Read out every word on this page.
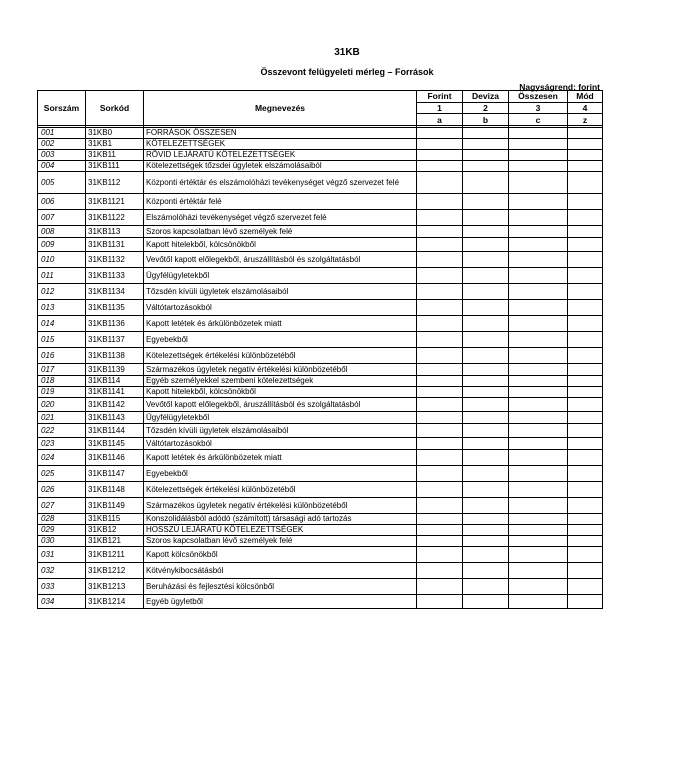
31KB
Összevont felügyeleti mérleg – Források
Nagyságrend: forint
Sorszám	Sorkód	Megnevezés	Forint	Deviza	Összesen	Mód
			1	2	3	4
			a	b	c	z

001	31KB0	FORRÁSOK ÖSSZESEN				
002	31KB1	KÖTELEZETTSÉGEK				
003	31KB11	RÖVID LEJÁRATÚ KÖTELEZETTSÉGEK				
004	31KB111	Kötelezettségek tőzsdei ügyletek elszámolásaiból				
005	31KB112	Központi értéktár és elszámolóházi tevékenységet végző szervezet felé				
006	31KB1121	Központi értéktár felé				
007	31KB1122	Elszámolóházi tevékenységet végző szervezet felé				
008	31KB113	Szoros kapcsolatban lévő személyek felé				
009	31KB1131	Kapott hitelekből, kölcsönökből				
010	31KB1132	Vevőtől kapott előlegekből, áruszállításból és szolgáltatásból				
011	31KB1133	Ügyfélügyletekből				
012	31KB1134	Tőzsdén kívüli ügyletek elszámolásaiból				
013	31KB1135	Váltótartozásokból				
014	31KB1136	Kapott letétek és árkülönbözetek miatt				
015	31KB1137	Egyebekből				
016	31KB1138	Kötelezettségek értékelési különbözetéből				
017	31KB1139	Származékos ügyletek negatív értékelési különbözetéből				
018	31KB114	Egyéb személyekkel szembeni kötelezettségek				
019	31KB1141	Kapott hitelekből, kölcsönökből				
020	31KB1142	Vevőtől kapott előlegekből, áruszállításból és szolgáltatásból				
021	31KB1143	Ügyfélügyletekből				
022	31KB1144	Tőzsdén kívüli ügyletek elszámolásaiból				
023	31KB1145	Váltótartozásokból				
024	31KB1146	Kapott letétek és árkülönbözetek miatt				
025	31KB1147	Egyebekből				
026	31KB1148	Kötelezettségek értékelési különbözetéből				
027	31KB1149	Származékos ügyletek negatív értékelési különbözetéből				
028	31KB115	Konszolidálásból adódó (számított) társasági adó tartozás				
029	31KB12	HOSSZÚ LEJÁRATÚ KÖTELEZETTSÉGEK				
030	31KB121	Szoros kapcsolatban lévő személyek felé				
031	31KB1211	Kapott kölcsönökből				
032	31KB1212	Kötvénykibocsátásból				
033	31KB1213	Beruházási és fejlesztési kölcsönből				
034	31KB1214	Egyéb ügyletből				
